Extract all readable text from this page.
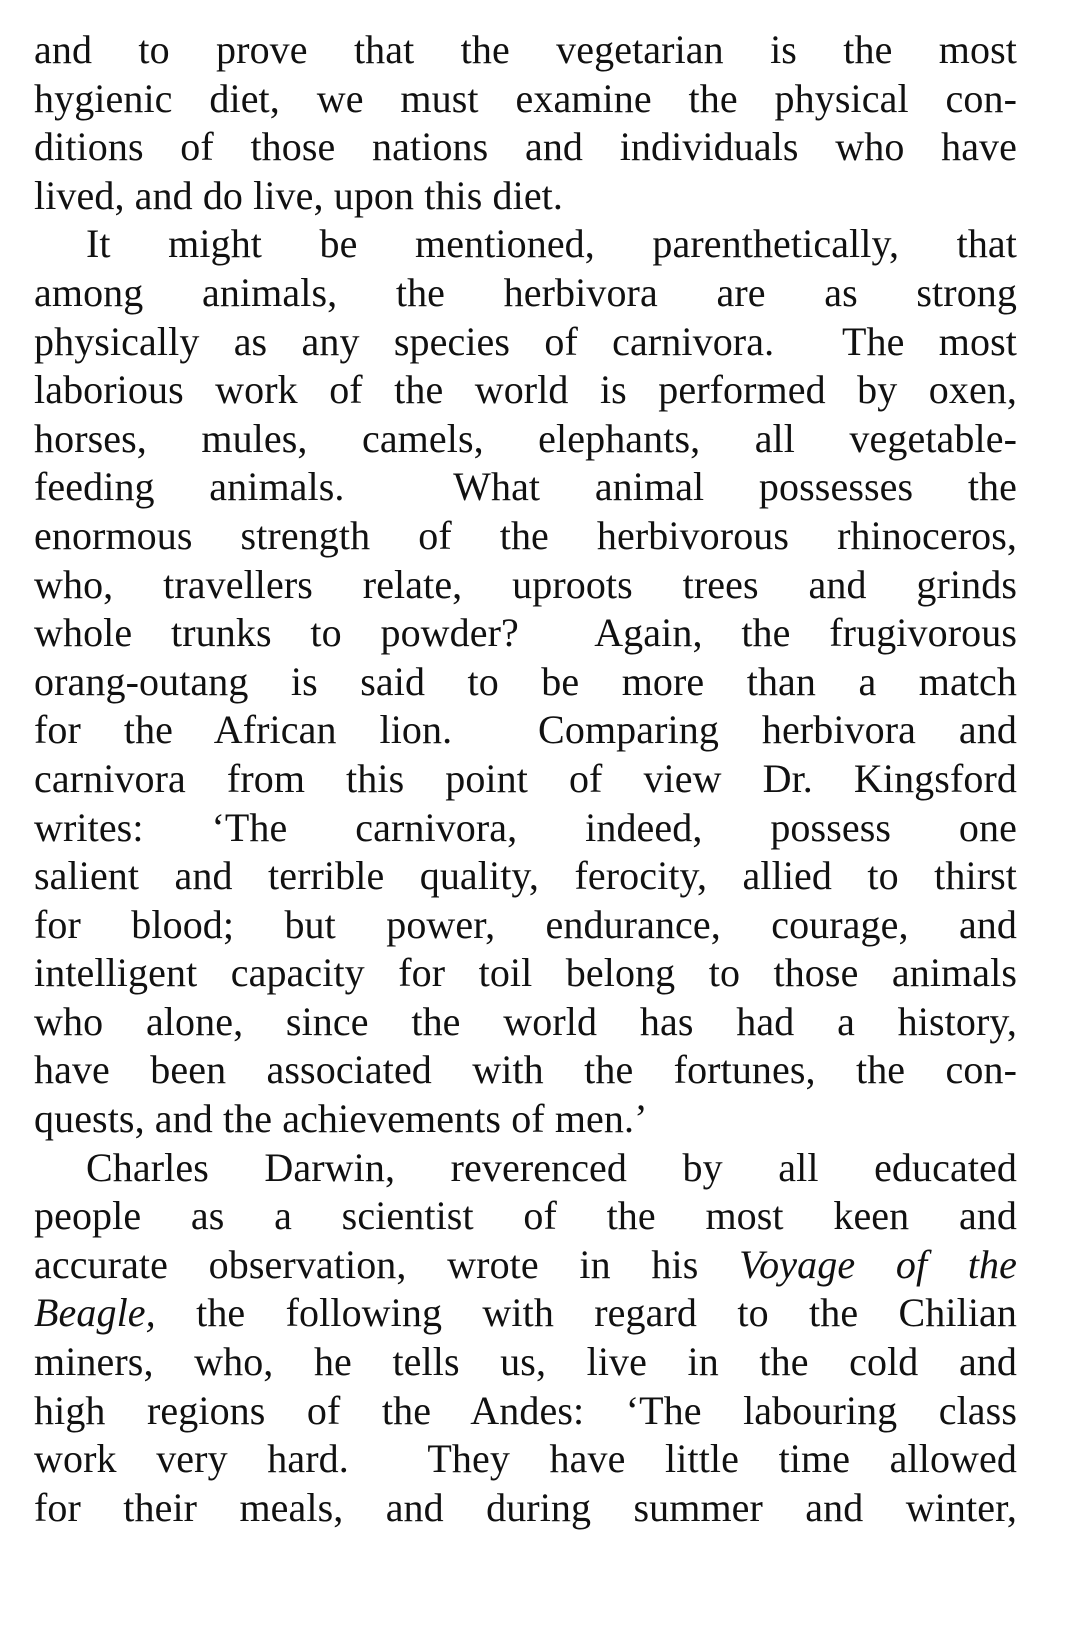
and to prove that the vegetarian is the most
hygienic diet, we must examine the physical con-
ditions of those nations and individuals who have
lived, and do live, upon this diet.

It might be mentioned, parenthetically, that
among animals, the herbivora are as strong
physically as any species of carnivora.  The most
laborious work of the world is performed by oxen,
horses, mules, camels, elephants, all vegetable-
feeding animals.  What animal possesses the
enormous strength of the herbivorous rhinoceros,
who, travellers relate, uproots trees and grinds
whole trunks to powder?  Again, the frugivorous
orang-outang is said to be more than a match
for the African lion.  Comparing herbivora and
carnivora from this point of view Dr. Kingsford
writes: ‘The carnivora, indeed, possess one
salient and terrible quality, ferocity, allied to thirst
for blood; but power, endurance, courage, and
intelligent capacity for toil belong to those animals
who alone, since the world has had a history,
have been associated with the fortunes, the con-
quests, and the achievements of men.’

Charles Darwin, reverenced by all educated
people as a scientist of the most keen and
accurate observation, wrote in his Voyage of the
Beagle, the following with regard to the Chilian
miners, who, he tells us, live in the cold and
high regions of the Andes: ‘The labouring class
work very hard.  They have little time allowed
for their meals, and during summer and winter,
